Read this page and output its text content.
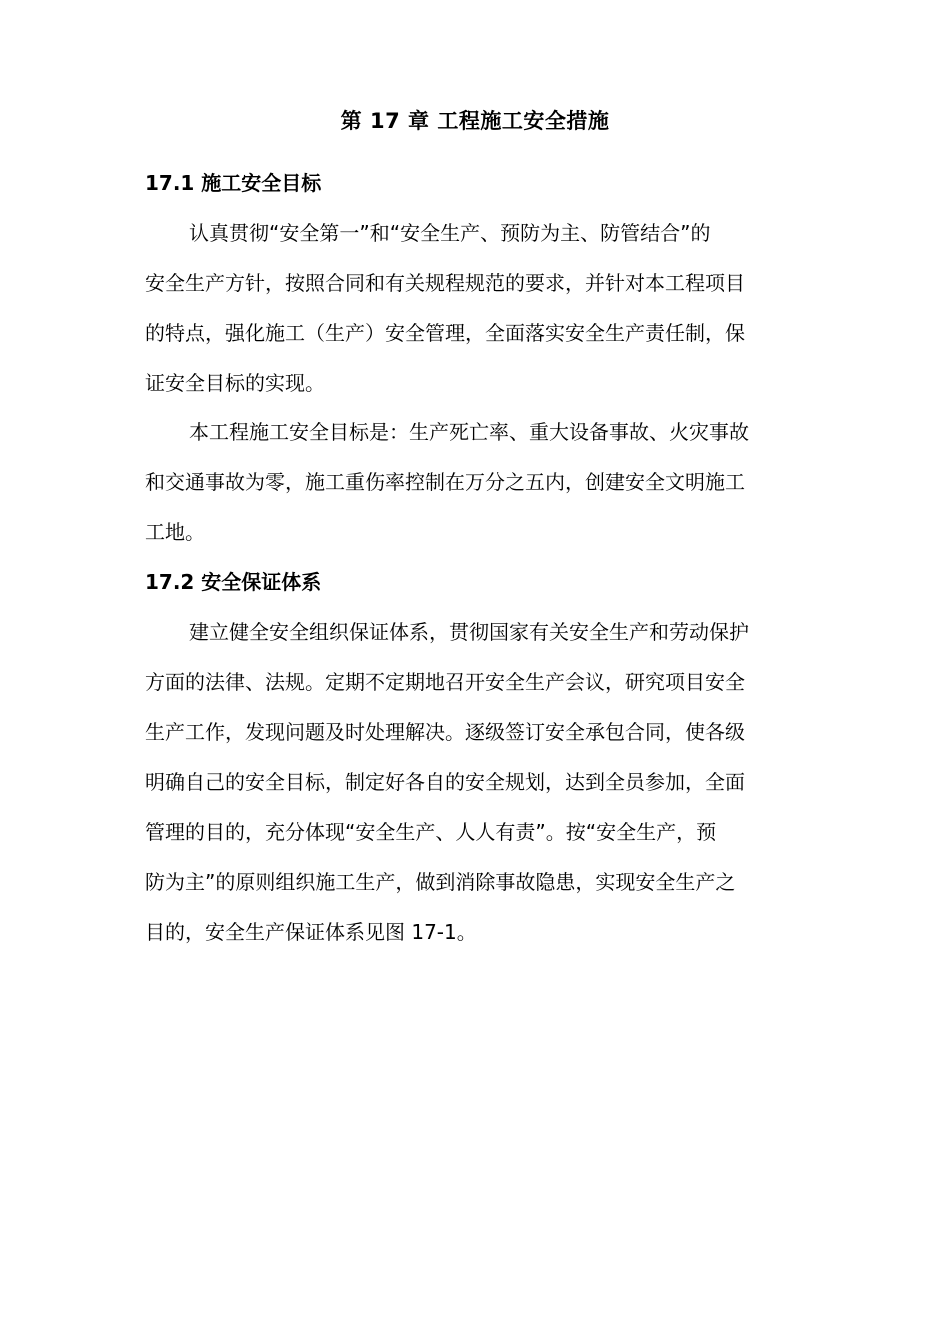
第 17 章 工程施工安全措施
17.1 施工安全目标
认真贯彻“安全第一”和“安全生产、预防为主、防管结合”的
安全生产方针，按照合同和有关规程规范的要求，并针对本工程项目
的特点，强化施工（生产）安全管理，全面落实安全生产责任制，保
证安全目标的实现。
本工程施工安全目标是：生产死亡率、重大设备事故、火灾事故
和交通事故为零，施工重伤率控制在万分之五内，创建安全文明施工
工地。
17.2 安全保证体系
建立健全安全组织保证体系，贯彻国家有关安全生产和劳动保护
方面的法律、法规。定期不定期地召开安全生产会议，研究项目安全
生产工作，发现问题及时处理解决。逐级签订安全承包合同，使各级
明确自己的安全目标，制定好各自的安全规划，达到全员参加，全面
管理的目的，充分体现“安全生产、人人有责”。按“安全生产，预
防为主”的原则组织施工生产，做到消除事故隐患，实现安全生产之
目的，安全生产保证体系见图 17-1。
